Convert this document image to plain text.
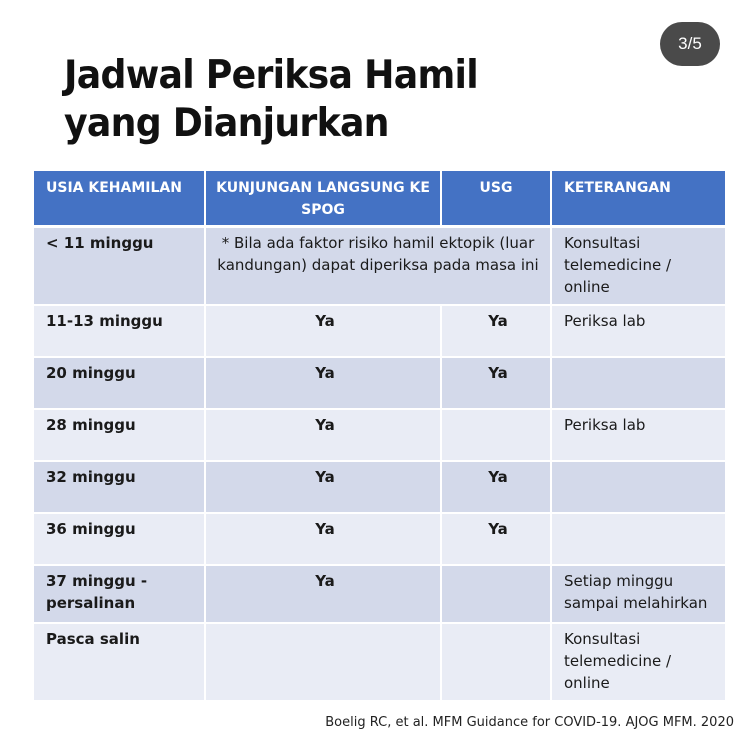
3/5
Jadwal Periksa Hamil yang Dianjurkan
USIA KEHAMILAN	KUNJUNGAN LANGSUNG KE SPOG	USG	KETERANGAN
< 11 minggu	* Bila ada faktor risiko hamil ektopik (luar kandungan) dapat diperiksa pada masa ini		Konsultasi telemedicine / online
11-13 minggu	Ya	Ya	Periksa lab
20 minggu	Ya	Ya	
28 minggu	Ya		Periksa lab
32 minggu	Ya	Ya	
36 minggu	Ya	Ya	
37 minggu - persalinan	Ya		Setiap minggu sampai melahirkan
Pasca salin			Konsultasi telemedicine / online
Boelig RC, et al. MFM Guidance for COVID-19. AJOG MFM. 2020
